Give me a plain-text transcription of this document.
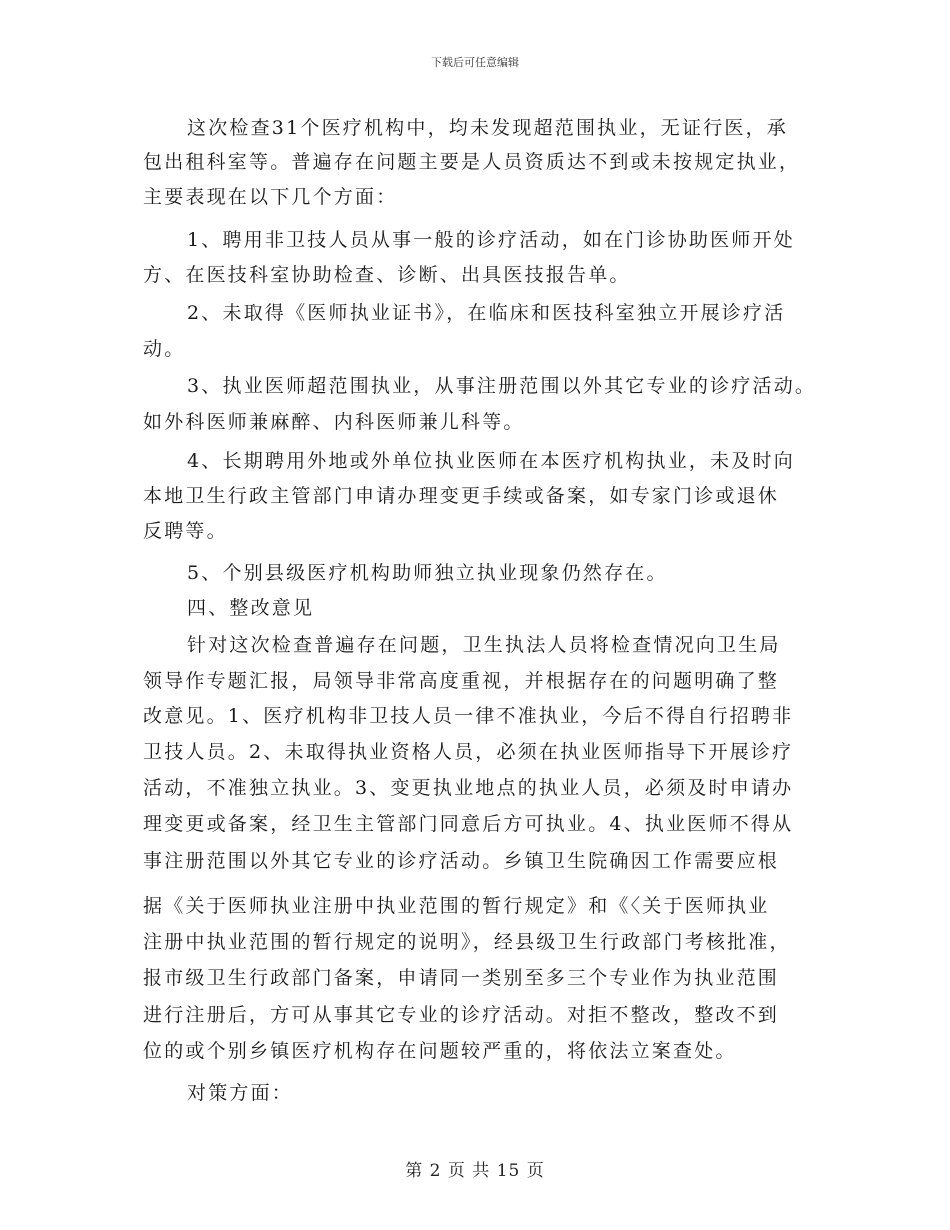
下载后可任意编辑
这次检查31个医疗机构中，均未发现超范围执业，无证行医，承
包出租科室等。普遍存在问题主要是人员资质达不到或未按规定执业，
主要表现在以下几个方面：
1、聘用非卫技人员从事一般的诊疗活动，如在门诊协助医师开处
方、在医技科室协助检查、诊断、出具医技报告单。
2、未取得《医师执业证书》，在临床和医技科室独立开展诊疗活
动。
3、执业医师超范围执业，从事注册范围以外其它专业的诊疗活动。
如外科医师兼麻醉、内科医师兼儿科等。
4、长期聘用外地或外单位执业医师在本医疗机构执业，未及时向
本地卫生行政主管部门申请办理变更手续或备案，如专家门诊或退休
反聘等。
5、个别县级医疗机构助师独立执业现象仍然存在。
四、整改意见
针对这次检查普遍存在问题，卫生执法人员将检查情况向卫生局
领导作专题汇报，局领导非常高度重视，并根据存在的问题明确了整
改意见。1、医疗机构非卫技人员一律不准执业，今后不得自行招聘非
卫技人员。2、未取得执业资格人员，必须在执业医师指导下开展诊疗
活动，不准独立执业。3、变更执业地点的执业人员，必须及时申请办
理变更或备案，经卫生主管部门同意后方可执业。4、执业医师不得从
事注册范围以外其它专业的诊疗活动。乡镇卫生院确因工作需要应根
据《关于医师执业注册中执业范围的暂行规定》和《〈关于医师执业
注册中执业范围的暂行规定的说明》，经县级卫生行政部门考核批准，
报市级卫生行政部门备案，申请同一类别至多三个专业作为执业范围
进行注册后，方可从事其它专业的诊疗活动。对拒不整改，整改不到
位的或个别乡镇医疗机构存在问题较严重的，将依法立案查处。
对策方面：
第 2 页 共 15 页
